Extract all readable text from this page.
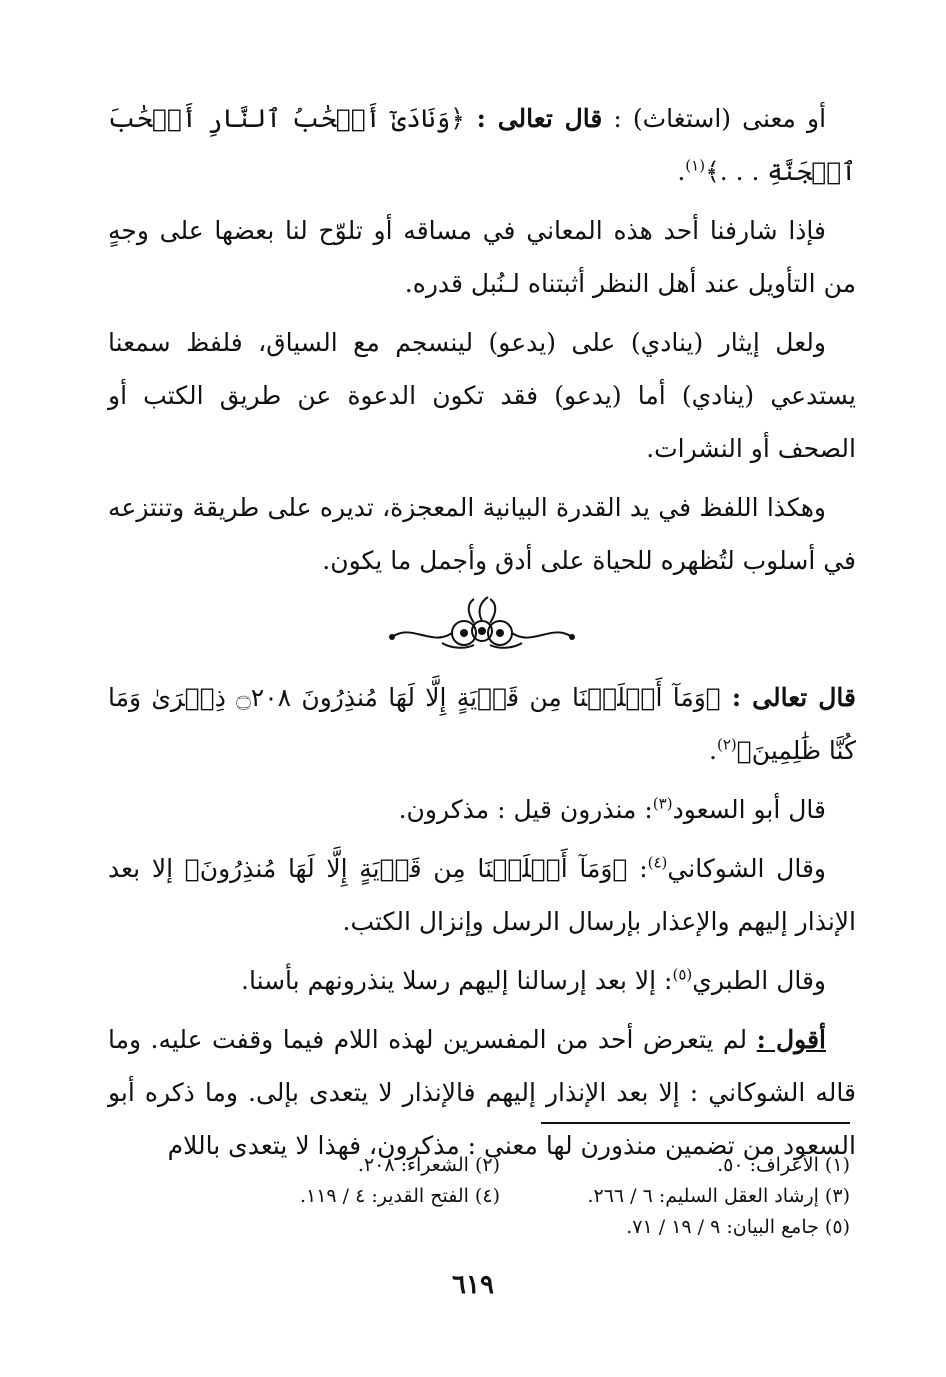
أو معنى (استغاث) : قال تعالى : ﴿وَنَادَىٰٓ أَصۡحَٰبُ ٱلنَّارِ أَصۡحَٰبَ ٱلۡجَنَّةِ . . .﴾$^{(١)}$.

فإذا شارفنا أحد هذه المعاني في مساقه أو تلوّح لنا بعضها على وجهٍ من التأويل عند أهل النظر أثبتناه لـنُبل قدره.

ولعل إيثار (ينادي) على (يدعو) لينسجم مع السياق، فلفظ سمعنا يستدعي (ينادي) أما (يدعو) فقد تكون الدعوة عن طريق الكتب أو الصحف أو النشرات.

وهكذا اللفظ في يد القدرة البيانية المعجزة، تديره على طريقة وتنتزعه في أسلوب لتُظهره للحياة على أدق وأجمل ما يكون.

قال تعالى : ﴿وَمَآ أَهۡلَكۡنَا مِن قَرۡيَةٍ إِلَّا لَهَا مُنذِرُونَ ۝٢٠٨ ذِكۡرَىٰ وَمَا كُنَّا ظَٰلِمِينَ﴾$^{(٢)}$.

قال أبو السعود$^{(٣)}$: منذرون قيل : مذكرون.

وقال الشوكاني$^{(٤)}$: ﴿وَمَآ أَهۡلَكۡنَا مِن قَرۡيَةٍ إِلَّا لَهَا مُنذِرُونَ﴾ إلا بعد الإنذار إليهم والإعذار بإرسال الرسل وإنزال الكتب.

وقال الطبري$^{(٥)}$: إلا بعد إرسالنا إليهم رسلا ينذرونهم بأسنا.

أقول : لم يتعرض أحد من المفسرين لهذه اللام فيما وقفت عليه. وما قاله الشوكاني : إلا بعد الإنذار إليهم فالإنذار لا يتعدى بإلى. وما ذكره أبو السعود من تضمين منذورن لها معنى : مذكرون، فهذا لا يتعدى باللام

(١) الأعراف: ٥٠.
(٢) الشعراء: ٢٠٨.
(٣) إرشاد العقل السليم: ٦ / ٢٦٦.
(٤) الفتح القدير: ٤ / ١١٩.
(٥) جامع البيان: ٩ / ١٩ / ٧١.
٦١٩
